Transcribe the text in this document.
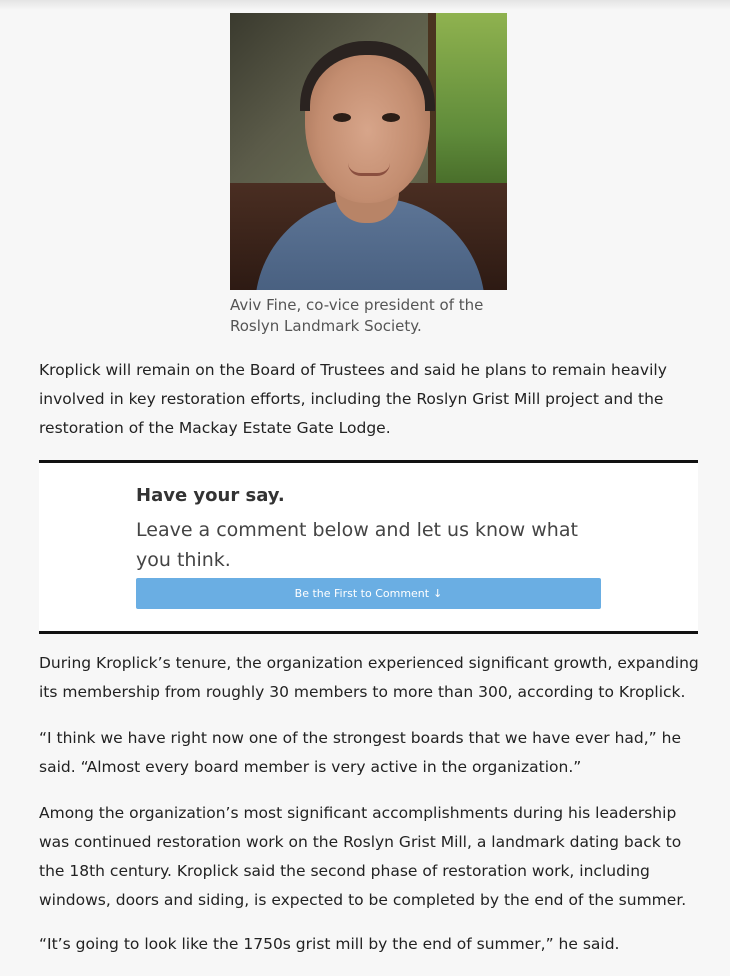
Aviv Fine, co-vice president of the Roslyn Landmark Society.

Kroplick will remain on the Board of Trustees and said he plans to remain heavily involved in key restoration efforts, including the Roslyn Grist Mill project and the restoration of the Mackay Estate Gate Lodge.

Have your say.
Leave a comment below and let us know what you think.
Be the First to Comment ↓

During Kroplick’s tenure, the organization experienced significant growth, expanding its membership from roughly 30 members to more than 300, according to Kroplick.

“I think we have right now one of the strongest boards that we have ever had,” he said. “Almost every board member is very active in the organization.”

Among the organization’s most significant accomplishments during his leadership was continued restoration work on the Roslyn Grist Mill, a landmark dating back to the 18th century. Kroplick said the second phase of restoration work, including windows, doors and siding, is expected to be completed by the end of the summer.

“It’s going to look like the 1750s grist mill by the end of summer,” he said.
